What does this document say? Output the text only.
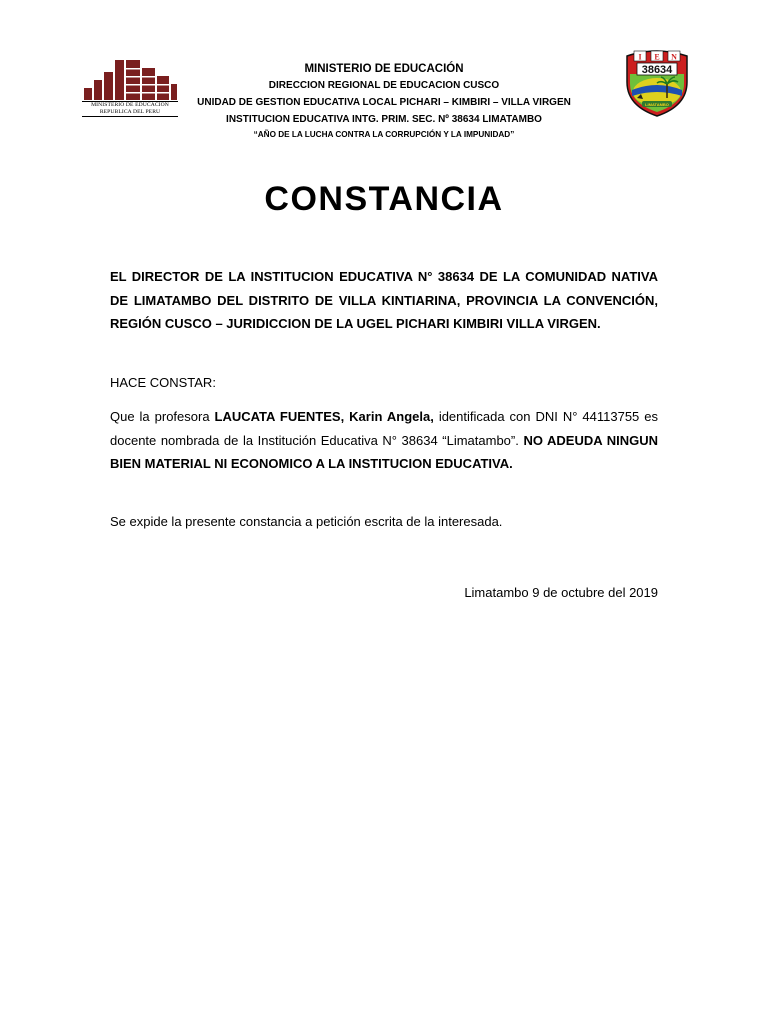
MINISTERIO DE EDUCACION
REPUBLICA DEL PERU
MINISTERIO DE EDUCACIÓN
DIRECCION REGIONAL DE EDUCACION CUSCO
UNIDAD DE GESTION EDUCATIVA LOCAL PICHARI – KIMBIRI – VILLA VIRGEN
INSTITUCION EDUCATIVA INTG. PRIM. SEC. Nº 38634 LIMATAMBO
“AÑO DE LA LUCHA CONTRA LA CORRUPCIÓN Y LA IMPUNIDAD”
38634
I E N
LIMATAMBO
CONSTANCIA
EL DIRECTOR DE LA INSTITUCION EDUCATIVA N° 38634 DE LA COMUNIDAD NATIVA DE LIMATAMBO DEL DISTRITO DE VILLA KINTIARINA, PROVINCIA LA CONVENCIÓN, REGIÓN CUSCO – JURIDICCION DE LA UGEL PICHARI KIMBIRI VILLA VIRGEN.
HACE CONSTAR:
Que la profesora LAUCATA FUENTES, Karin Angela, identificada con DNI N° 44113755 es docente nombrada de la Institución Educativa N° 38634 “Limatambo”. NO ADEUDA NINGUN BIEN MATERIAL NI ECONOMICO A LA INSTITUCION EDUCATIVA.
Se expide la presente constancia a petición escrita de la interesada.
Limatambo 9 de octubre del 2019
